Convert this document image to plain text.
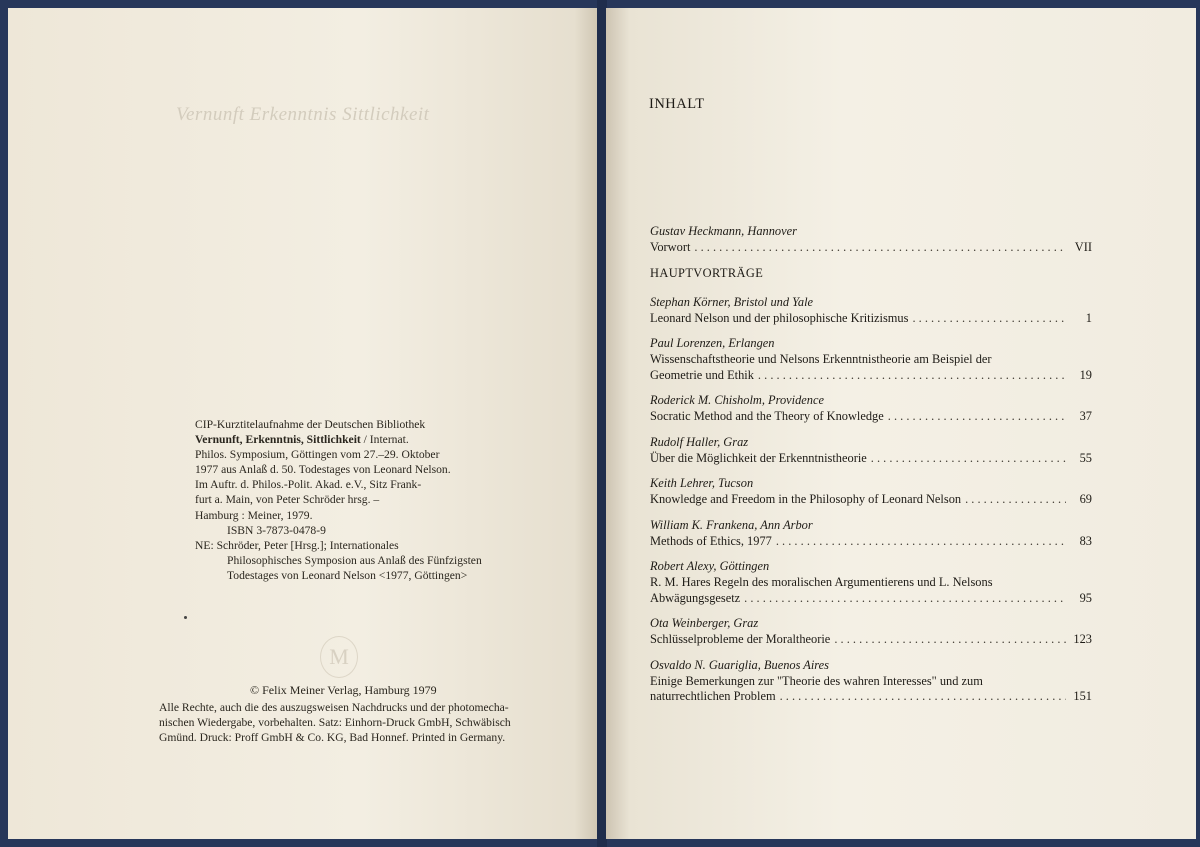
Vernunft Erkenntnis Sittlichkeit
CIP-Kurztitelaufnahme der Deutschen Bibliothek
Vernunft, Erkenntnis, Sittlichkeit / Internat.
Philos. Symposium, Göttingen vom 27.–29. Oktober
1977 aus Anlaß d. 50. Todestages von Leonard Nelson.
Im Auftr. d. Philos.-Polit. Akad. e.V., Sitz Frank-
furt a. Main, von Peter Schröder hrsg. –
Hamburg : Meiner, 1979.
ISBN 3-7873-0478-9
NE: Schröder, Peter [Hrsg.]; Internationales
Philosophisches Symposion aus Anlaß des Fünfzigsten
Todestages von Leonard Nelson <1977, Göttingen>
M
© Felix Meiner Verlag, Hamburg 1979
Alle Rechte, auch die des auszugsweisen Nachdrucks und der photomecha-
nischen Wiedergabe, vorbehalten. Satz: Einhorn-Druck GmbH, Schwäbisch
Gmünd. Druck: Proff GmbH & Co. KG, Bad Honnef. Printed in Germany.
INHALT
Gustav Heckmann, Hannover
Vorwort . . .	VII
HAUPTVORTRÄGE
Stephan Körner, Bristol und Yale
Leonard Nelson und der philosophische Kritizismus . . .	1
Paul Lorenzen, Erlangen
Wissenschaftstheorie und Nelsons Erkenntnistheorie am Beispiel der
Geometrie und Ethik . . .	19
Roderick M. Chisholm, Providence
Socratic Method and the Theory of Knowledge . . .	37
Rudolf Haller, Graz
Über die Möglichkeit der Erkenntnistheorie . . .	55
Keith Lehrer, Tucson
Knowledge and Freedom in the Philosophy of Leonard Nelson . . .	69
William K. Frankena, Ann Arbor
Methods of Ethics, 1977 . . .	83
Robert Alexy, Göttingen
R. M. Hares Regeln des moralischen Argumentierens und L. Nelsons
Abwägungsgesetz . . .	95
Ota Weinberger, Graz
Schlüsselprobleme der Moraltheorie . . .	123
Osvaldo N. Guariglia, Buenos Aires
Einige Bemerkungen zur "Theorie des wahren Interesses" und zum
naturrechtlichen Problem . . .	151
